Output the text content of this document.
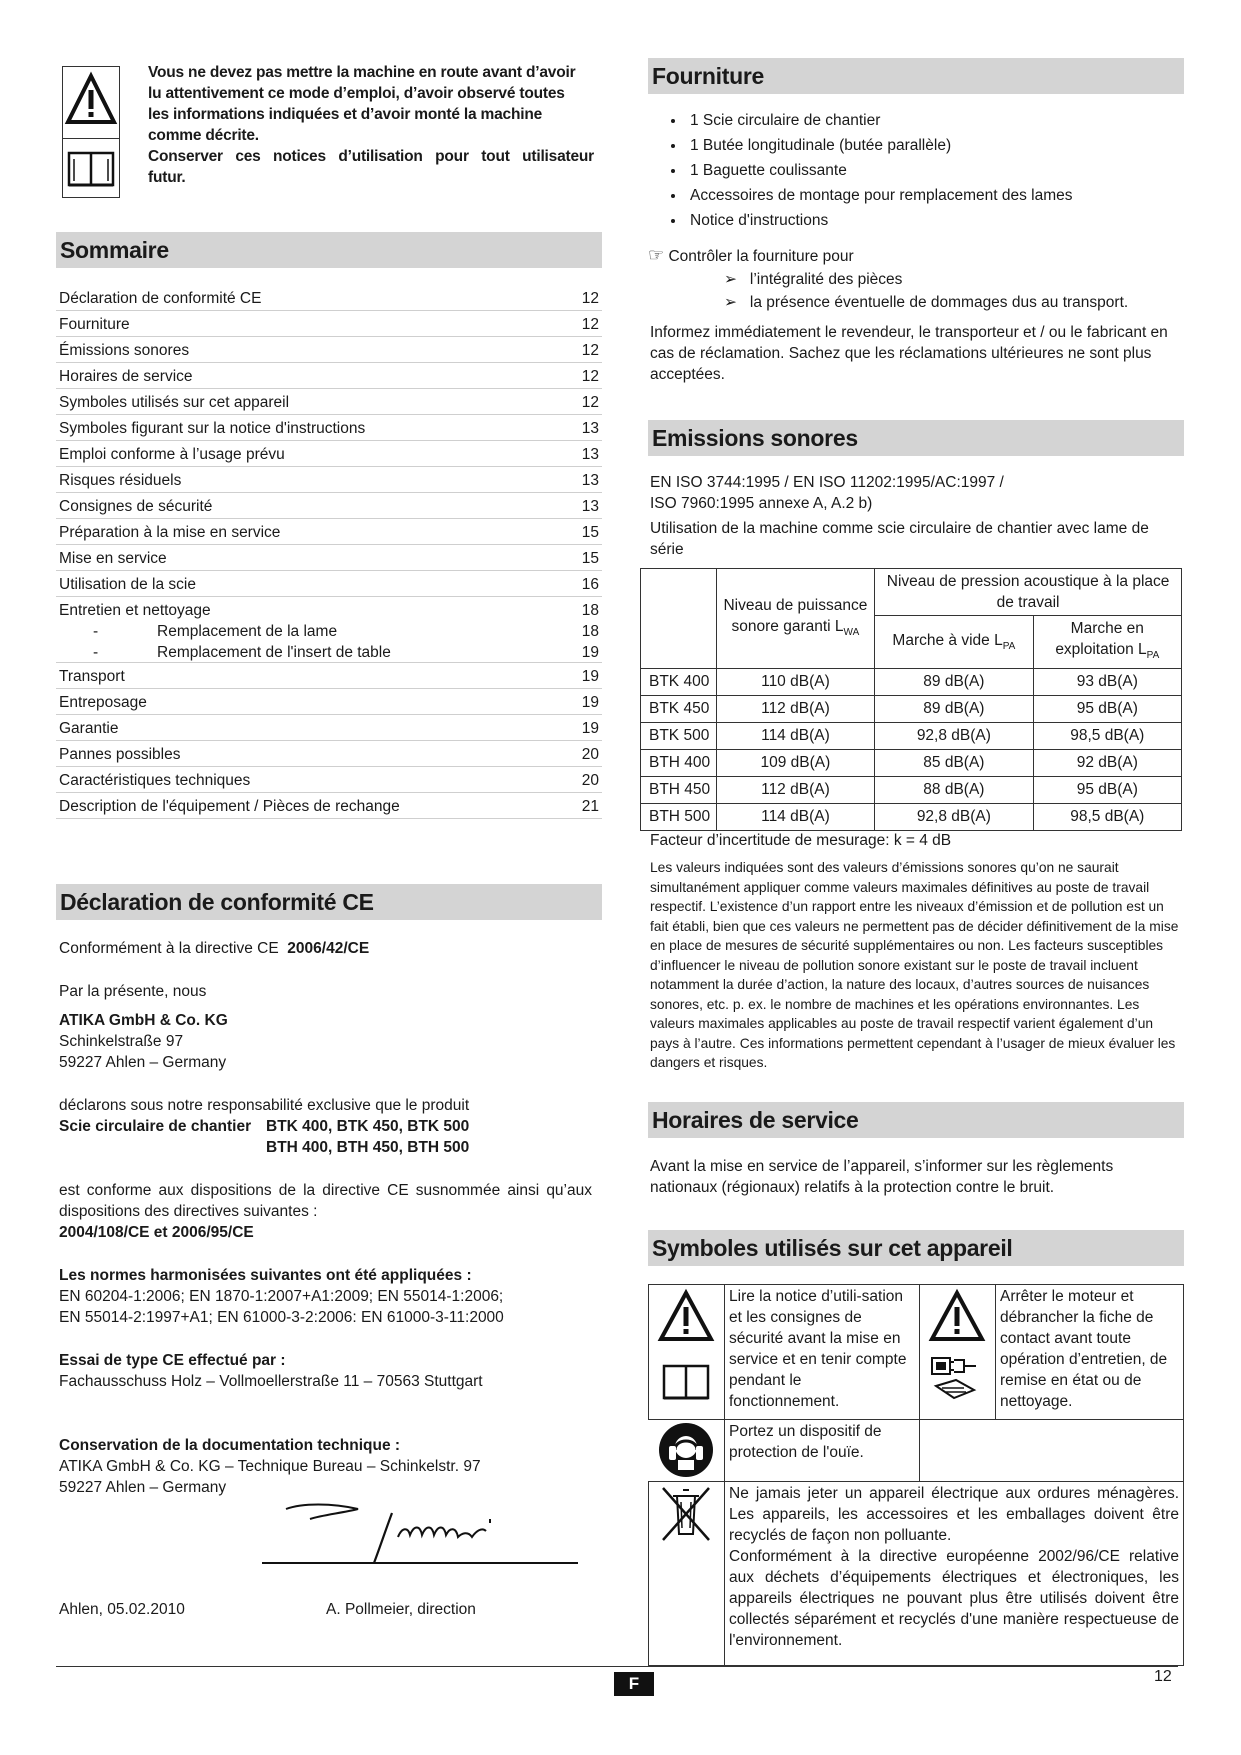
Vous ne devez pas mettre la machine en route avant d’avoir
lu attentivement ce mode d’emploi, d’avoir observé toutes
les informations indiquées et d’avoir monté la machine
comme décrite.
Conserver ces notices d’utilisation pour tout utilisateur
futur.
Sommaire
Déclaration de conformité CE	12
Fourniture	12
Émissions sonores	12
Horaires de service	12
Symboles utilisés sur cet appareil	12
Symboles figurant sur la notice d'instructions	13
Emploi conforme à l’usage prévu	13
Risques résiduels	13
Consignes de sécurité	13
Préparation à la mise en service	15
Mise en service	15
Utilisation de la scie	16
Entretien et nettoyage	18
-	Remplacement de la lame	18
-	Remplacement de l'insert de table	19
Transport	19
Entreposage	19
Garantie	19
Pannes possibles	20
Caractéristiques techniques	20
Description de l'équipement / Pièces de rechange	21
Déclaration de conformité CE

Conformément à la directive CE 2006/42/CE

Par la présente, nous

ATIKA GmbH & Co. KG

Schinkelstraße 97

59227 Ahlen – Germany

déclarons sous notre responsabilité exclusive que le produit

Scie circulaire de chantier BTK 400, BTK 450, BTK 500
BTH 400, BTH 450, BTH 500

est conforme aux dispositions de la directive CE susnommée ainsi qu’aux dispositions des directives suivantes :

2004/108/CE et 2006/95/CE

Les normes harmonisées suivantes ont été appliquées :

EN 60204-1:2006; EN 1870-1:2007+A1:2009; EN 55014-1:2006;

EN 55014-2:1997+A1; EN 61000-3-2:2006: EN 61000-3-11:2000

Essai de type CE effectué par :

Fachausschuss Holz – Vollmoellerstraße 11 – 70563 Stuttgart

Conservation de la documentation technique :

ATIKA GmbH & Co. KG – Technique Bureau – Schinkelstr. 97

59227 Ahlen – Germany

Ahlen, 05.02.2010	A. Pollmeier, direction
Fourniture
• 1 Scie circulaire de chantier
• 1 Butée longitudinale (butée parallèle)
• 1 Baguette coulissante
• Accessoires de montage pour remplacement des lames
• Notice d'instructions
☞ Contrôler la fourniture pour
➢ l’intégralité des pièces
➢ la présence éventuelle de dommages dus au transport.

Informez immédiatement le revendeur, le transporteur et / ou le fabricant en cas de réclamation. Sachez que les réclamations ultérieures ne sont plus acceptées.

Emissions sonores

EN ISO 3744:1995 / EN ISO 11202:1995/AC:1997 /

ISO 7960:1995 annexe A, A.2 b)

Utilisation de la machine comme scie circulaire de chantier avec lame de série

	Niveau de puissance sonore garanti $L_{WA}$	Niveau de pression acoustique à la place de travail	
		Marche à vide $L_{PA}$	Marche en exploitation $L_{PA}$
BTK 400	110 dB(A)	89 dB(A)	93 dB(A)
BTK 450	112 dB(A)	89 dB(A)	95 dB(A)
BTK 500	114 dB(A)	92,8 dB(A)	98,5 dB(A)
BTH 400	109 dB(A)	85 dB(A)	92 dB(A)
BTH 450	112 dB(A)	88 dB(A)	95 dB(A)
BTH 500	114 dB(A)	92,8 dB(A)	98,5 dB(A)

Facteur d’incertitude de mesurage: k = 4 dB

Les valeurs indiquées sont des valeurs d’émissions sonores qu’on ne saurait simultanément appliquer comme valeurs maximales définitives au poste de travail respectif. L’existence d’un rapport entre les niveaux d’émission et de pollution est un fait établi, bien que ces valeurs ne permettent pas de décider définitivement de la mise en place de mesures de sécurité supplémentaires ou non. Les facteurs susceptibles d’influencer le niveau de pollution sonore existant sur le poste de travail incluent notamment la durée d’action, la nature des locaux, d’autres sources de nuisances sonores, etc. p. ex. le nombre de machines et les opérations environnantes. Les valeurs maximales applicables au poste de travail respectif varient également d’un pays à l’autre. Ces informations permettent cependant à l’usager de mieux évaluer les dangers et risques.

Horaires de service

Avant la mise en service de l’appareil, s’informer sur les règlements nationaux (régionaux) relatifs à la protection contre le bruit.

Symboles utilisés sur cet appareil
	Lire la notice d’utili-sation et les consignes de sécurité avant la mise en service et en tenir compte pendant le fonctionnement.		Arrêter le moteur et débrancher la fiche de contact avant toute opération d’entretien, de remise en état ou de nettoyage.

Portez un dispositif de protection de l'ouïe.		

Ne jamais jeter un appareil électrique aux ordures ménagères. Les appareils, les accessoires et les emballages doivent être recyclés de façon non polluante.

Conformément à la directive européenne 2002/96/CE relative aux déchets d’équipements électriques et électroniques, les appareils électriques ne pouvant plus être utilisés doivent être collectés séparément et recyclés d'une manière respectueuse de l'environnement.		

F	12
